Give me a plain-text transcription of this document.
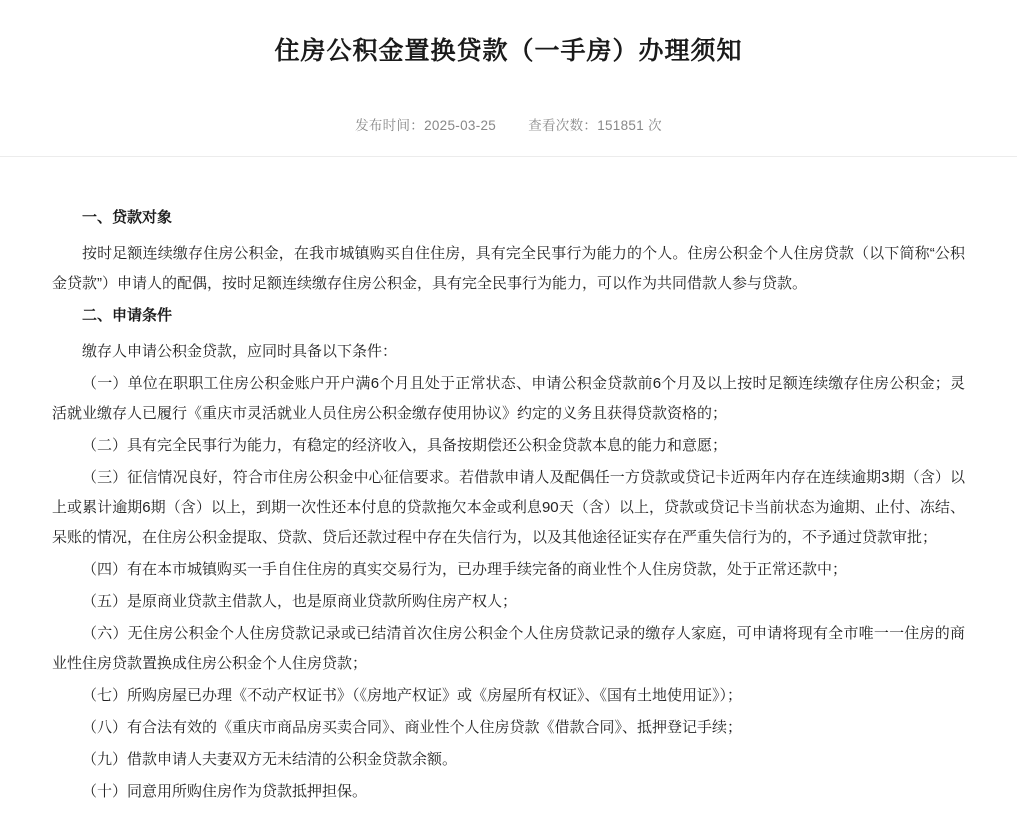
住房公积金置换贷款（一手房）办理须知
发布时间：2025-03-25 查看次数：151851 次
一、贷款对象

按时足额连续缴存住房公积金，在我市城镇购买自住住房，具有完全民事行为能力的个人。住房公积金个人住房贷款（以下简称“公积金贷款”）申请人的配偶，按时足额连续缴存住房公积金，具有完全民事行为能力，可以作为共同借款人参与贷款。

二、申请条件

缴存人申请公积金贷款，应同时具备以下条件：

（一）单位在职职工住房公积金账户开户满6个月且处于正常状态、申请公积金贷款前6个月及以上按时足额连续缴存住房公积金；灵活就业缴存人已履行《重庆市灵活就业人员住房公积金缴存使用协议》约定的义务且获得贷款资格的；

（二）具有完全民事行为能力，有稳定的经济收入，具备按期偿还公积金贷款本息的能力和意愿；

（三）征信情况良好，符合市住房公积金中心征信要求。若借款申请人及配偶任一方贷款或贷记卡近两年内存在连续逾期3期（含）以上或累计逾期6期（含）以上，到期一次性还本付息的贷款拖欠本金或利息90天（含）以上，贷款或贷记卡当前状态为逾期、止付、冻结、呆账的情况，在住房公积金提取、贷款、贷后还款过程中存在失信行为，以及其他途径证实存在严重失信行为的，不予通过贷款审批；

（四）有在本市城镇购买一手自住住房的真实交易行为，已办理手续完备的商业性个人住房贷款，处于正常还款中；

（五）是原商业贷款主借款人，也是原商业贷款所购住房产权人；

（六）无住房公积金个人住房贷款记录或已结清首次住房公积金个人住房贷款记录的缴存人家庭，可申请将现有全市唯一一住房的商业性住房贷款置换成住房公积金个人住房贷款；

（七）所购房屋已办理《不动产权证书》（《房地产权证》或《房屋所有权证》、《国有土地使用证》）；

（八）有合法有效的《重庆市商品房买卖合同》、商业性个人住房贷款《借款合同》、抵押登记手续；

（九）借款申请人夫妻双方无未结清的公积金贷款余额。

（十）同意用所购住房作为贷款抵押担保。
